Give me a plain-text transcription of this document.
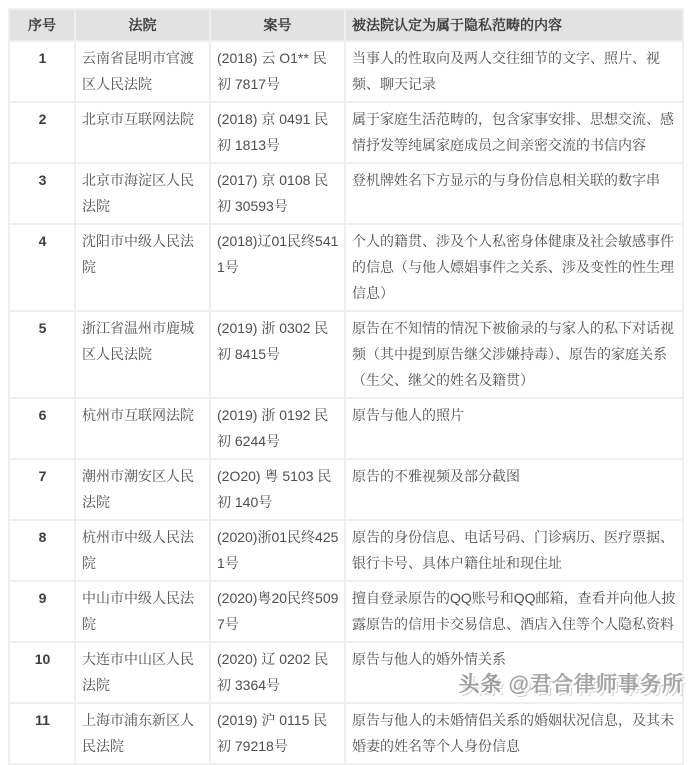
序号	法院	案号	被法院认定为属于隐私范畴的内容
1	云南省昆明市官渡区人民法院	(2018) 云 O1** 民 初 7817号	当事人的性取向及两人交往细节的文字、照片、视频、聊天记录
2	北京市互联网法院	(2018) 京 0491 民 初 1813号	属于家庭生活范畴的，包含家事安排、思想交流、感情抒发等纯属家庭成员之间亲密交流的书信内容
3	北京市海淀区人民法院	(2017) 京 0108 民 初 30593号	登机牌姓名下方显示的与身份信息相关联的数字串
4	沈阳市中级人民法院	(2018)辽01民终5411号	个人的籍贯、涉及个人私密身体健康及社会敏感事件的信息（与他人嫖娼事件之关系、涉及变性的性生理信息）
5	浙江省温州市鹿城区人民法院	(2019) 浙 0302 民 初 8415号	原告在不知情的情况下被偷录的与家人的私下对话视频（其中提到原告继父涉嫌持毒）、原告的家庭关系（生父、继父的姓名及籍贯）
6	杭州市互联网法院	(2019) 浙 0192 民 初 6244号	原告与他人的照片
7	潮州市潮安区人民法院	(2O20) 粤 5103 民 初 140号	原告的不雅视频及部分截图
8	杭州市中级人民法院	(2020)浙01民终4251号	原告的身份信息、电话号码、门诊病历、医疗票据、银行卡号、具体户籍住址和现住址
9	中山市中级人民法院	(2020)粤20民终5097号	擅自登录原告的QQ账号和QQ邮箱，查看并向他人披露原告的信用卡交易信息、酒店入住等个人隐私资料
10	大连市中山区人民法院	(2020) 辽 0202 民 初 3364号	原告与他人的婚外情关系
11	上海市浦东新区人民法院	(2019) 沪 0115 民 初 79218号	原告与他人的未婚情侣关系的婚姻状况信息，及其未婚妻的姓名等个人身份信息
头条 @君合律师事务所
